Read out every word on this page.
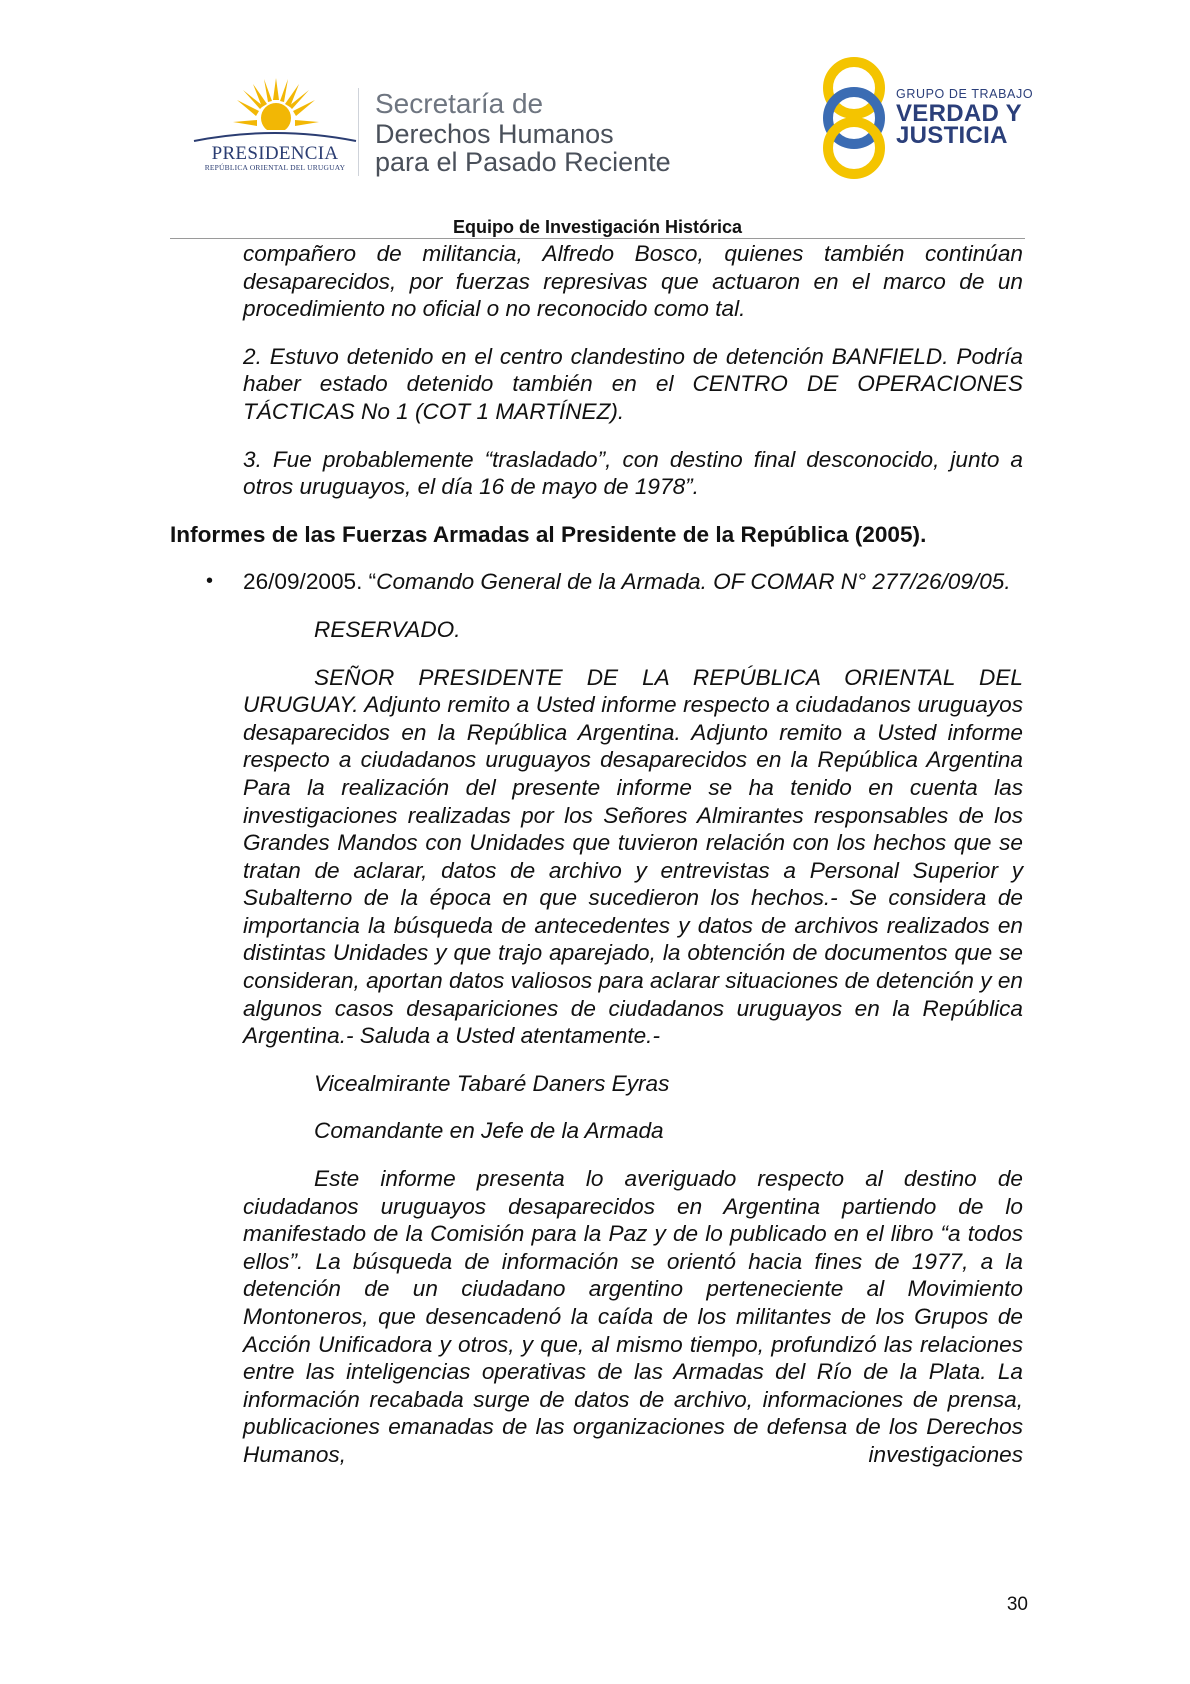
PRESIDENCIA
REPÚBLICA ORIENTAL DEL URUGUAY
Secretaría de
Derechos Humanos
para el Pasado Reciente
GRUPO DE TRABAJO
VERDAD Y
JUSTICIA
Equipo de Investigación Histórica

compañero de militancia, Alfredo Bosco, quienes también continúan desaparecidos, por fuerzas represivas que actuaron en el marco de un procedimiento no oficial o no reconocido como tal.

2. Estuvo detenido en el centro clandestino de detención BANFIELD. Podría haber estado detenido también en el CENTRO DE OPERACIONES TÁCTICAS No 1 (COT 1 MARTÍNEZ).

3. Fue probablemente “trasladado”, con destino final desconocido, junto a otros uruguayos, el día 16 de mayo de 1978”.

Informes de las Fuerzas Armadas al Presidente de la República (2005).

• 26/09/2005. “Comando General de la Armada. OF COMAR N° 277/26/09/05.

RESERVADO.

SEÑOR PRESIDENTE DE LA REPÚBLICA ORIENTAL DEL URUGUAY. Adjunto remito a Usted informe respecto a ciudadanos uruguayos desaparecidos en la República Argentina. Adjunto remito a Usted informe respecto a ciudadanos uruguayos desaparecidos en la República Argentina Para la realización del presente informe se ha tenido en cuenta las investigaciones realizadas por los Señores Almirantes responsables de los Grandes Mandos con Unidades que tuvieron relación con los hechos que se tratan de aclarar, datos de archivo y entrevistas a Personal Superior y Subalterno de la época en que sucedieron los hechos.- Se considera de importancia la búsqueda de antecedentes y datos de archivos realizados en distintas Unidades y que trajo aparejado, la obtención de documentos que se consideran, aportan datos valiosos para aclarar situaciones de detención y en algunos casos desapariciones de ciudadanos uruguayos en la República Argentina.- Saluda a Usted atentamente.-

Vicealmirante Tabaré Daners Eyras

Comandante en Jefe de la Armada

Este informe presenta lo averiguado respecto al destino de ciudadanos uruguayos desaparecidos en Argentina partiendo de lo manifestado de la Comisión para la Paz y de lo publicado en el libro “a todos ellos”. La búsqueda de información se orientó hacia fines de 1977, a la detención de un ciudadano argentino perteneciente al Movimiento Montoneros, que desencadenó la caída de los militantes de los Grupos de Acción Unificadora y otros, y que, al mismo tiempo, profundizó las relaciones entre las inteligencias operativas de las Armadas del Río de la Plata. La información recabada surge de datos de archivo, informaciones de prensa, publicaciones emanadas de las organizaciones de defensa de los Derechos Humanos, investigaciones

30
